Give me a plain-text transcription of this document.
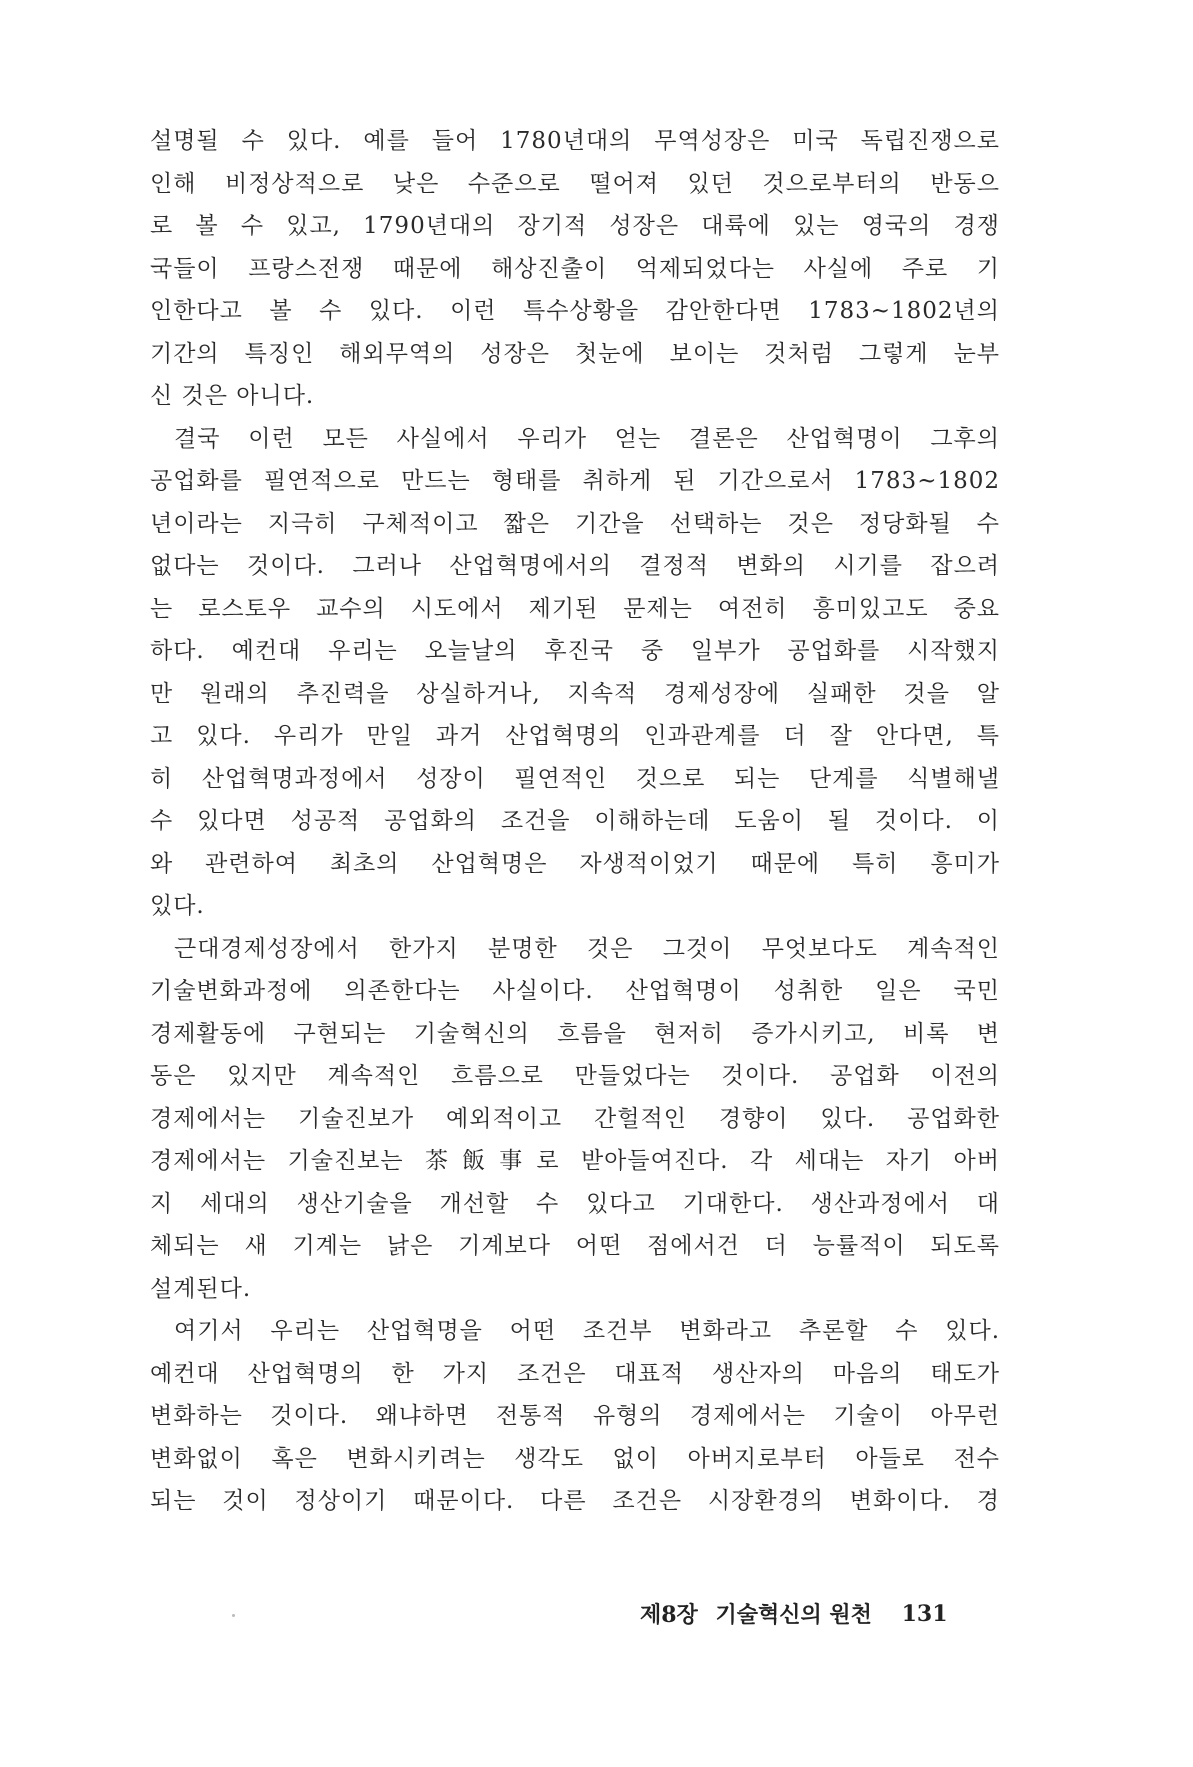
설명될 수 있다. 예를 들어 1780년대의 무역성장은 미국 독립진쟁으로
인해 비정상적으로 낮은 수준으로 떨어져 있던 것으로부터의 반동으
로 볼 수 있고, 1790년대의 장기적 성장은 대륙에 있는 영국의 경쟁
국들이 프랑스전쟁 때문에 해상진출이 억제되었다는 사실에 주로 기
인한다고 볼 수 있다. 이런 특수상황을 감안한다면 1783~1802년의
기간의 특징인 해외무역의 성장은 첫눈에 보이는 것처럼 그렇게 눈부
신 것은 아니다.
결국 이런 모든 사실에서 우리가 얻는 결론은 산업혁명이 그후의
공업화를 필연적으로 만드는 형태를 취하게 된 기간으로서 1783~1802
년이라는 지극히 구체적이고 짧은 기간을 선택하는 것은 정당화될 수
없다는 것이다. 그러나 산업혁명에서의 결정적 변화의 시기를 잡으려
는 로스토우 교수의 시도에서 제기된 문제는 여전히 흥미있고도 중요
하다. 예컨대 우리는 오늘날의 후진국 중 일부가 공업화를 시작했지
만 원래의 추진력을 상실하거나, 지속적 경제성장에 실패한 것을 알
고 있다. 우리가 만일 과거 산업혁명의 인과관계를 더 잘 안다면, 특
히 산업혁명과정에서 성장이 필연적인 것으로 되는 단계를 식별해낼
수 있다면 성공적 공업화의 조건을 이해하는데 도움이 될 것이다. 이
와 관련하여 최초의 산업혁명은 자생적이었기 때문에 특히 흥미가
있다.
근대경제성장에서 한가지 분명한 것은 그것이 무엇보다도 계속적인
기술변화과정에 의존한다는 사실이다. 산업혁명이 성취한 일은 국민
경제활동에 구현되는 기술혁신의 흐름을 현저히 증가시키고, 비록 변
동은 있지만 계속적인 흐름으로 만들었다는 것이다. 공업화 이전의
경제에서는 기술진보가 예외적이고 간헐적인 경향이 있다. 공업화한
경제에서는 기술진보는 茶飯事로 받아들여진다. 각 세대는 자기 아버
지 세대의 생산기술을 개선할 수 있다고 기대한다. 생산과정에서 대
체되는 새 기계는 낡은 기계보다 어떤 점에서건 더 능률적이 되도록
설계된다.
여기서 우리는 산업혁명을 어떤 조건부 변화라고 추론할 수 있다.
예컨대 산업혁명의 한 가지 조건은 대표적 생산자의 마음의 태도가
변화하는 것이다. 왜냐하면 전통적 유형의 경제에서는 기술이 아무런
변화없이 혹은 변화시키려는 생각도 없이 아버지로부터 아들로 전수
되는 것이 정상이기 때문이다. 다른 조건은 시장환경의 변화이다. 경
제8장 기술혁신의 원천 131
